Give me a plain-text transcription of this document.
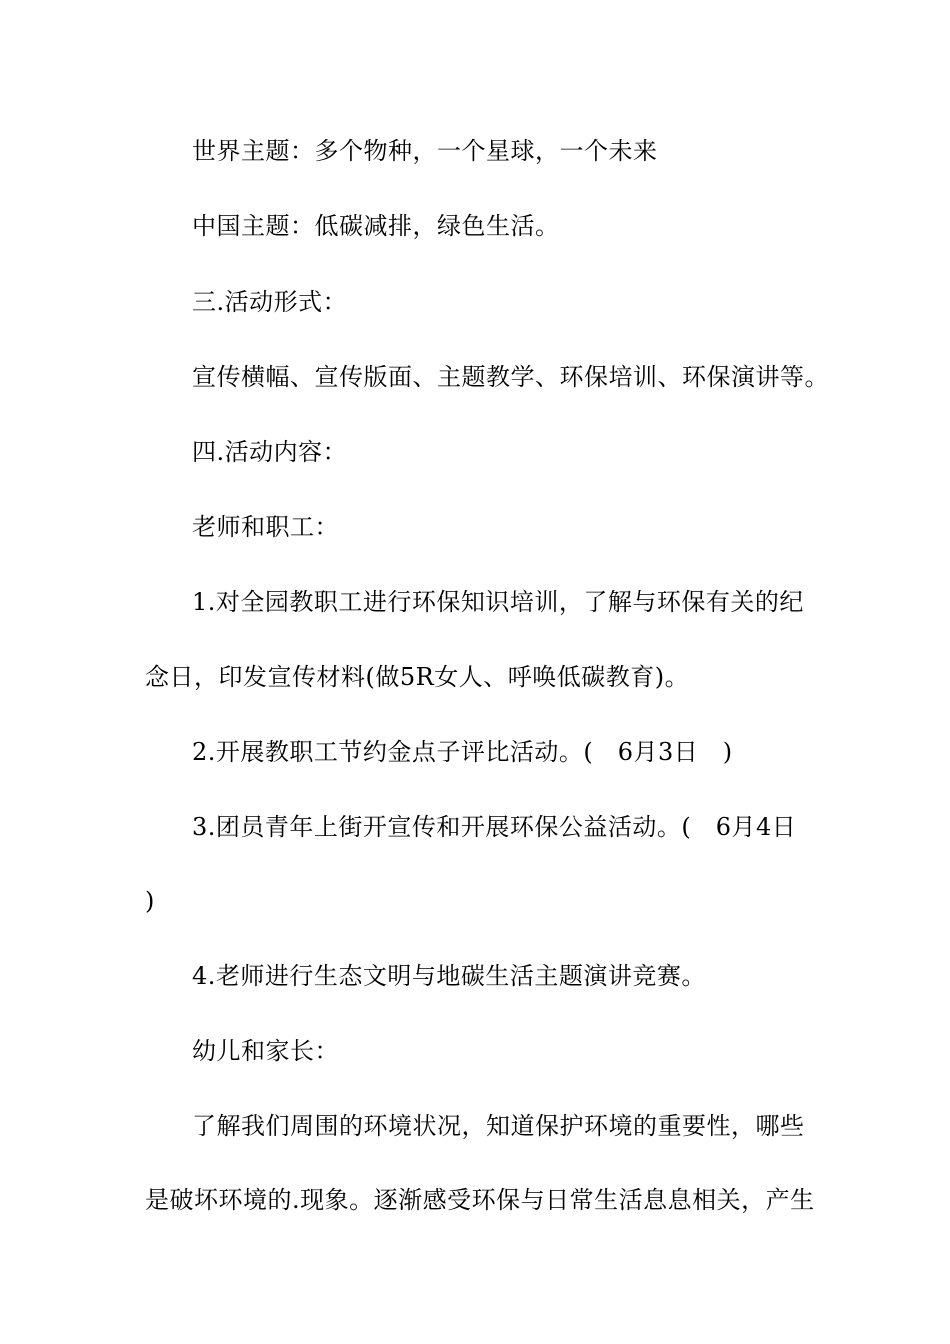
世界主题：多个物种，一个星球，一个未来
中国主题：低碳减排，绿色生活。
三.活动形式：
宣传横幅、宣传版面、主题教学、环保培训、环保演讲等。
四.活动内容：
老师和职工：
1.对全园教职工进行环保知识培训，了解与环保有关的纪
念日，印发宣传材料(做5R女人、呼唤低碳教育)。
2.开展教职工节约金点子评比活动。(　6月3日　)
3.团员青年上街开宣传和开展环保公益活动。(　6月4日
)
4.老师进行生态文明与地碳生活主题演讲竞赛。
幼儿和家长：
了解我们周围的环境状况，知道保护环境的重要性，哪些
是破坏环境的.现象。逐渐感受环保与日常生活息息相关，产生
